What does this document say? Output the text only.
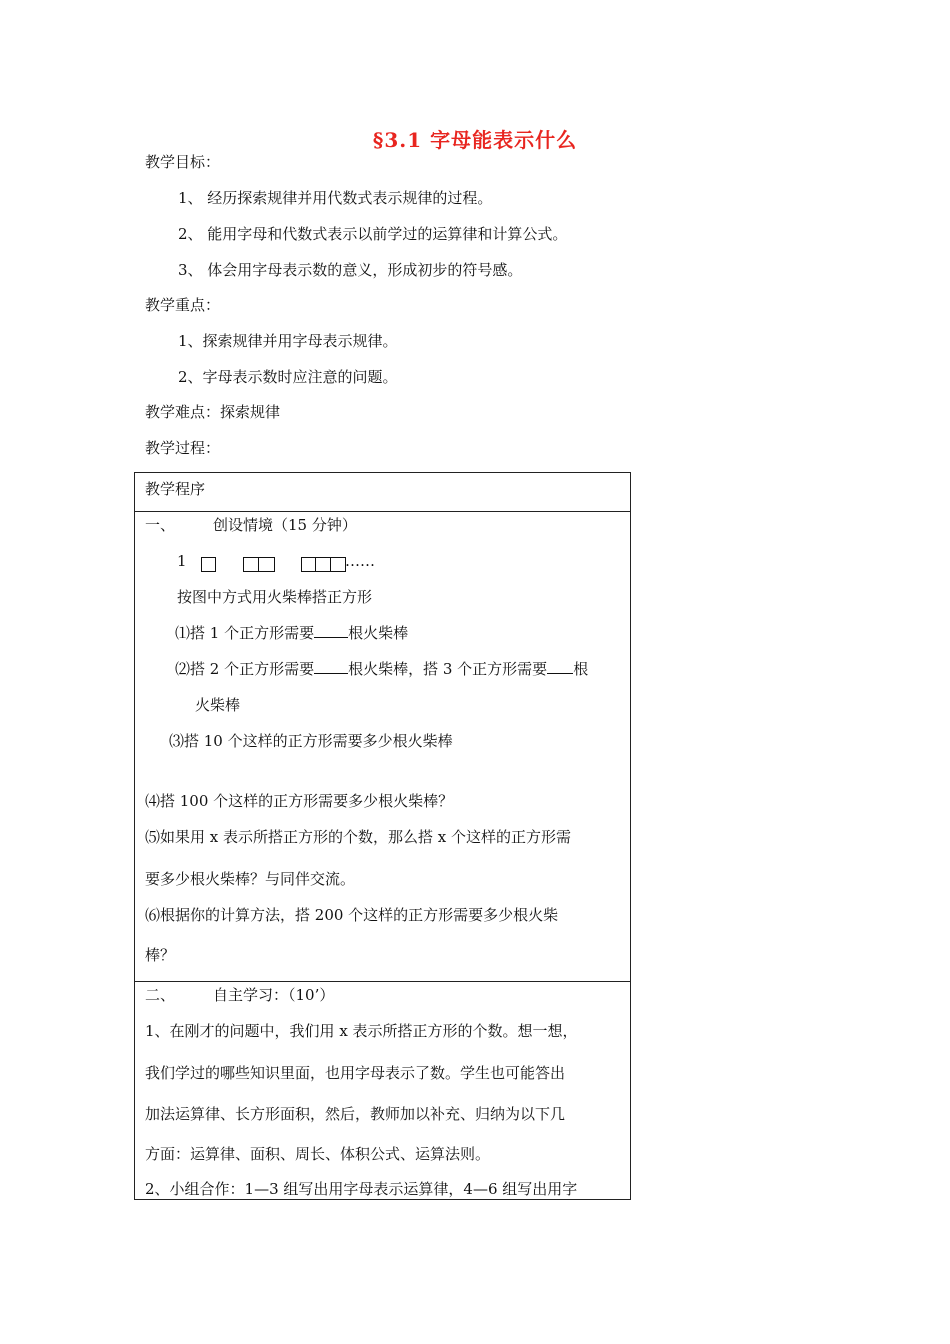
§3.1 字母能表示什么
教学目标：
1、 经历探索规律并用代数式表示规律的过程。
2、 能用字母和代数式表示以前学过的运算律和计算公式。
3、 体会用字母表示数的意义，形成初步的符号感。
教学重点：
1、探索规律并用字母表示规律。
2、字母表示数时应注意的问题。
教学难点：探索规律
教学过程：
教学程序
一、	创设情境（15 分钟）
1	……
按图中方式用火柴棒搭正方形
⑴搭 1 个正方形需要 根火柴棒
⑵搭 2 个正方形需要 根火柴棒，搭 3 个正方形需要 根
火柴棒
⑶搭 10 个这样的正方形需要多少根火柴棒
⑷搭 100 个这样的正方形需要多少根火柴棒？
⑸如果用 x 表示所搭正方形的个数，那么搭 x 个这样的正方形需
要多少根火柴棒？与同伴交流。
⑹根据你的计算方法，搭 200 个这样的正方形需要多少根火柴
棒？
二、	自主学习：（10’）
1、在刚才的问题中，我们用 x 表示所搭正方形的个数。想一想，
我们学过的哪些知识里面，也用字母表示了数。学生也可能答出
加法运算律、长方形面积，然后，教师加以补充、归纳为以下几
方面：运算律、面积、周长、体积公式、运算法则。
2、小组合作：1—3 组写出用字母表示运算律，4—6 组写出用字
